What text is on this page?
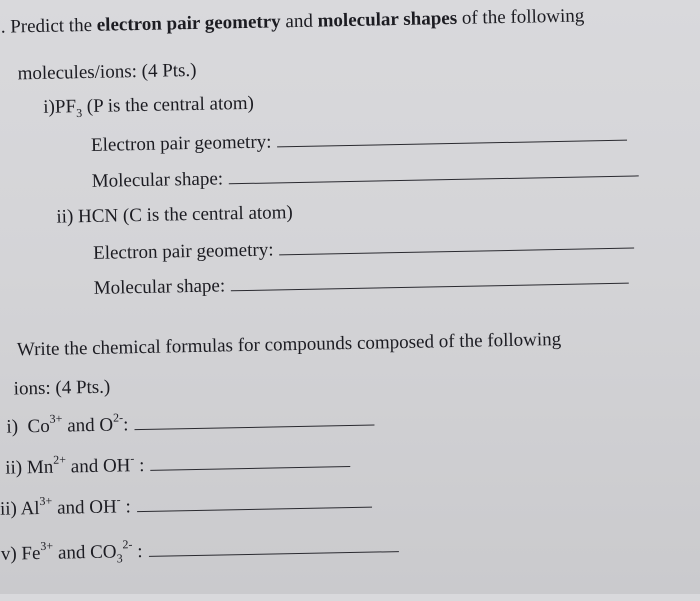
. Predict the electron pair geometry and molecular shapes of the following
molecules/ions: (4 Pts.)
$i)PF_3$ (P is the central atom)
Electron pair geometry:
Molecular shape:
ii) HCN (C is the central atom)
Electron pair geometry:
Molecular shape:
Write the chemical formulas for compounds composed of the following
ions: (4 Pts.)
i) $Co^{3+}$ and $O^{2-}$:
ii) $Mn^{2+}$ and OH- :
ii) $Al^{3+}$ and OH- :
v) $Fe^{3+}$ and $CO_3^{2-}$ :
